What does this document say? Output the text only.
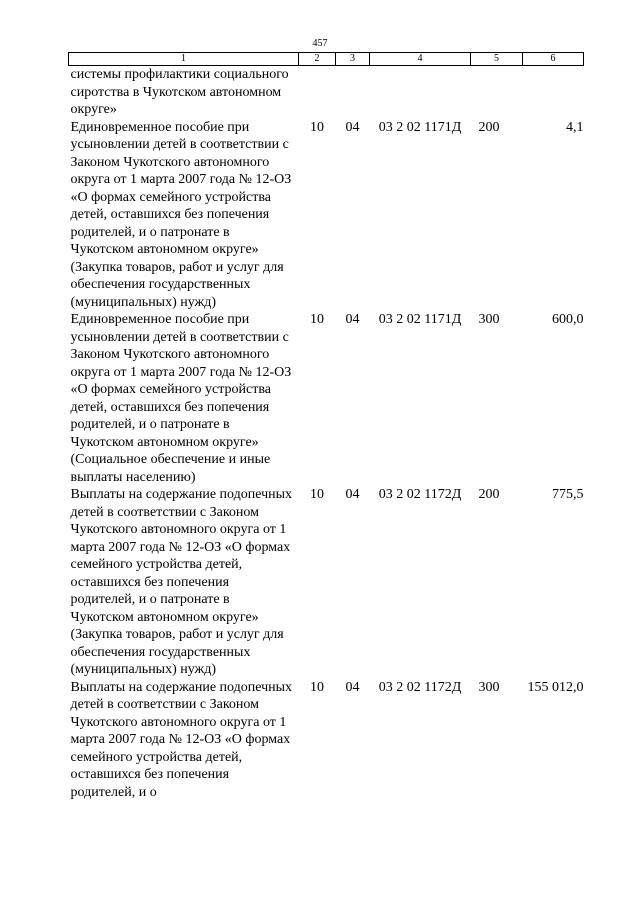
457
1	2	3	4	5	6
системы профилактики социального сиротства в Чукотском автономном округе»					
Единовременное пособие при усыновлении детей в соответствии с Законом Чукотского автономного округа от 1 марта 2007 года № 12-ОЗ «О формах семейного устройства детей, оставшихся без попечения родителей, и о патронате в Чукотском автономном округе» (Закупка товаров, работ и услуг для обеспечения государственных (муниципальных) нужд)	10	04	03 2 02 1171Д	200	4,1
Единовременное пособие при усыновлении детей в соответствии с Законом Чукотского автономного округа от 1 марта 2007 года № 12-ОЗ «О формах семейного устройства детей, оставшихся без попечения родителей, и о патронате в Чукотском автономном округе» (Социальное обеспечение и иные выплаты населению)	10	04	03 2 02 1171Д	300	600,0
Выплаты на содержание подопечных детей в соответствии с Законом Чукотского автономного округа от 1 марта 2007 года № 12-ОЗ «О формах семейного устройства детей, оставшихся без попечения родителей, и о патронате в Чукотском автономном округе» (Закупка товаров, работ и услуг для обеспечения государственных (муниципальных) нужд)	10	04	03 2 02 1172Д	200	775,5
Выплаты на содержание подопечных детей в соответствии с Законом Чукотского автономного округа от 1 марта 2007 года № 12-ОЗ «О формах семейного устройства детей, оставшихся без попечения родителей, и о	10	04	03 2 02 1172Д	300	155 012,0
